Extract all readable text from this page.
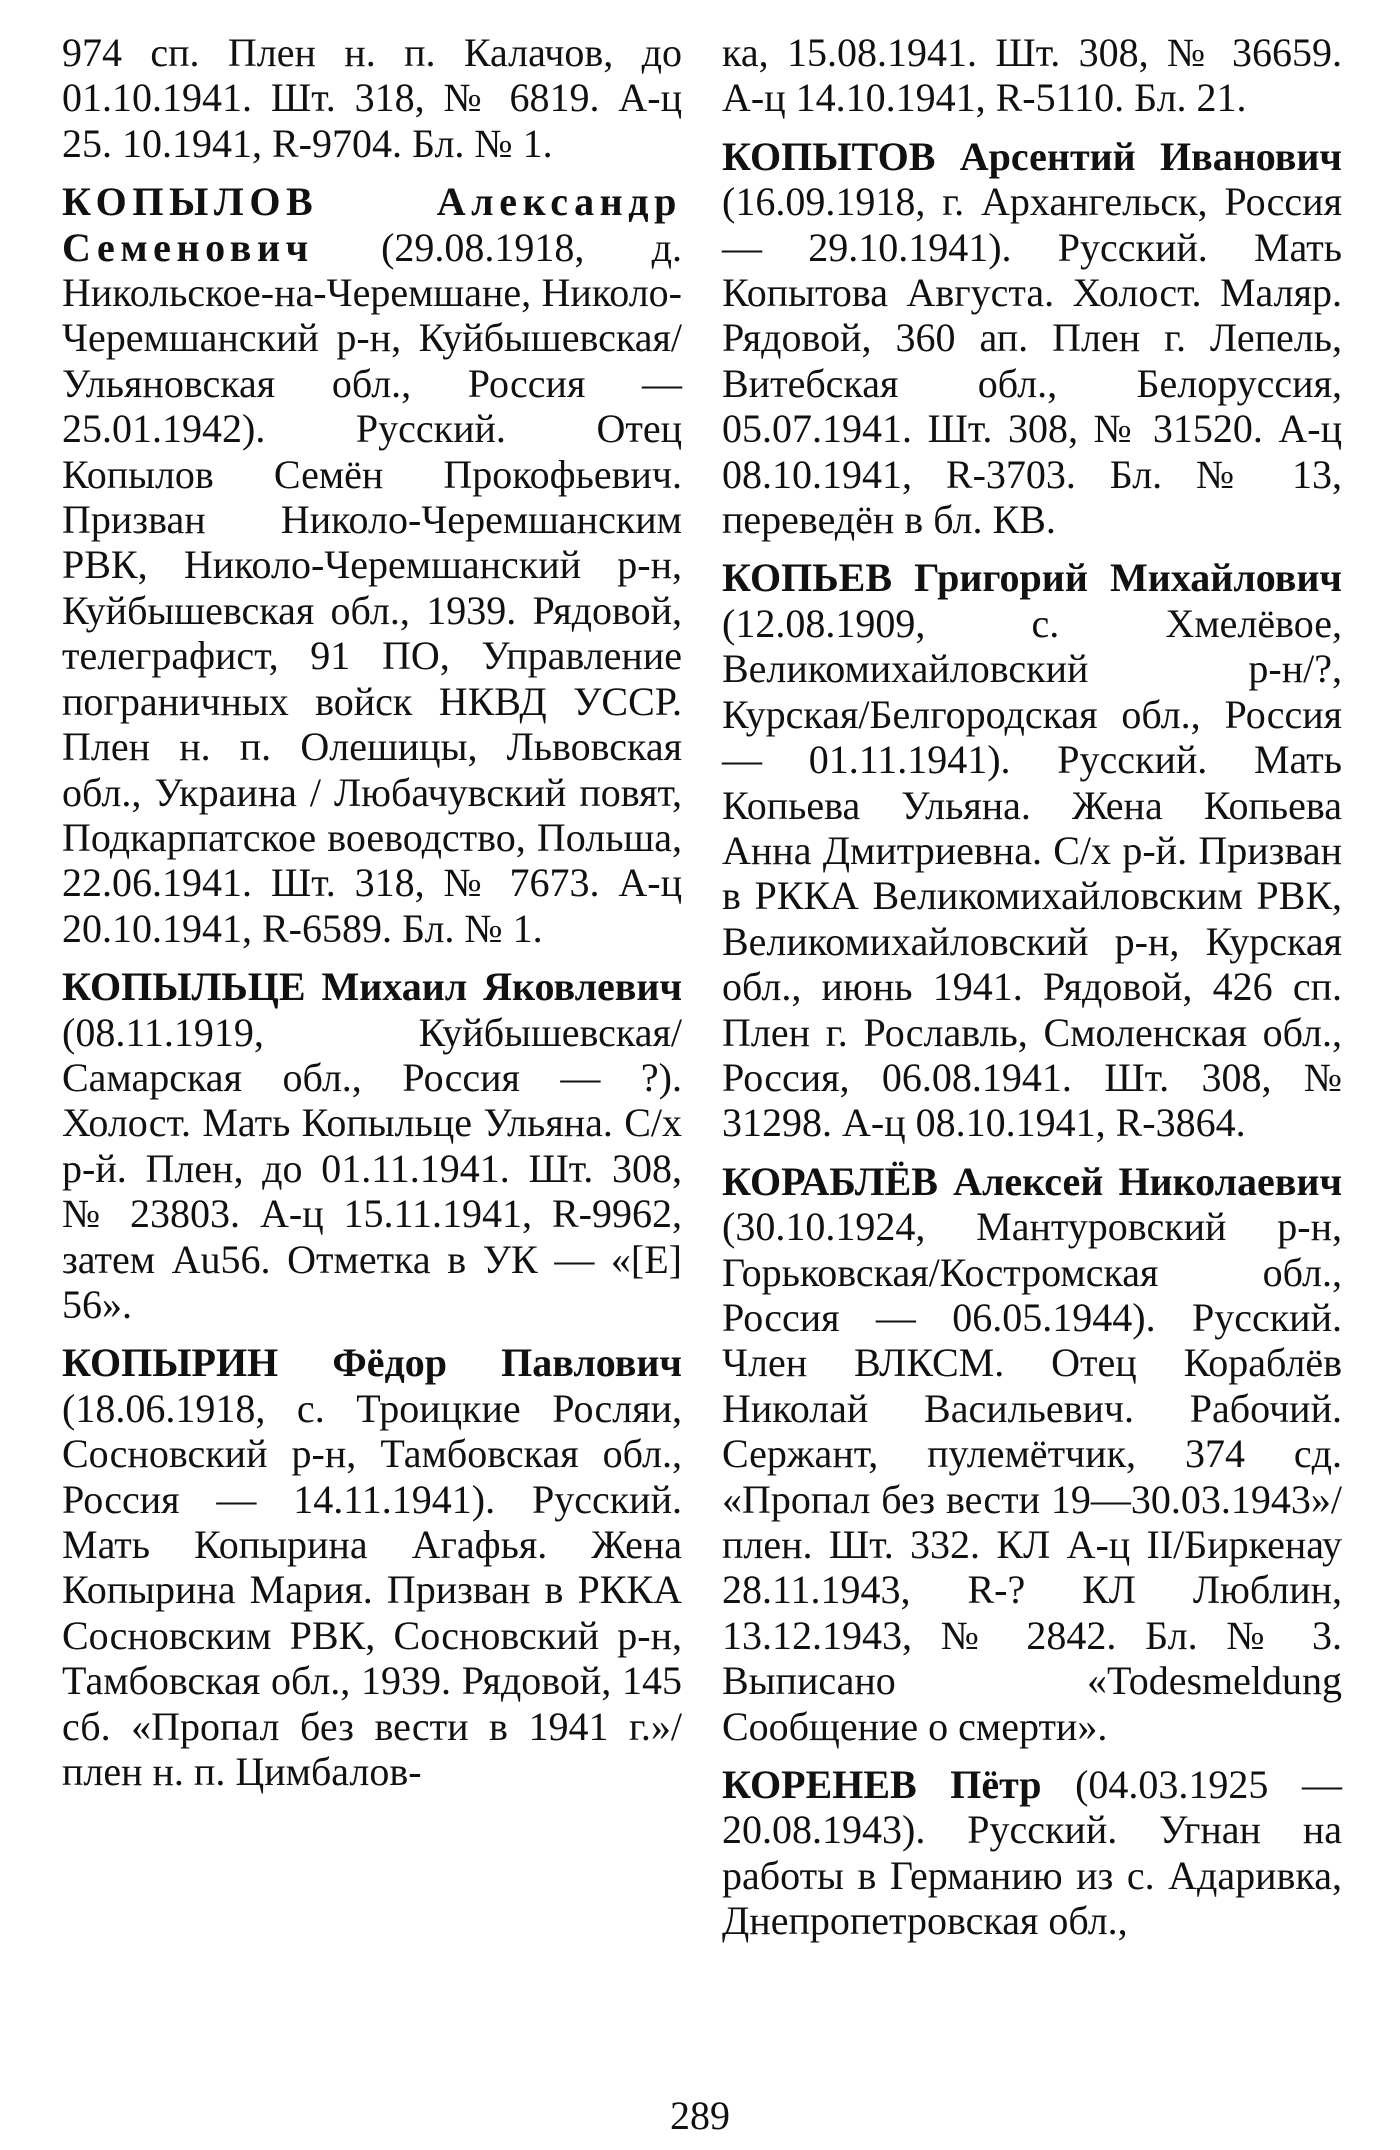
974 сп. Плен н. п. Калачов, до 01.10.1941. Шт. 318, № 6819. А-ц 25. 10.1941, R-9704. Бл. № 1.

КОПЫЛОВ Александр Семенович (29.08.1918, д. Никольское-на-Черемшане, Николо-Черемшанский р-н, Куйбышевская/Ульяновская обл., Россия — 25.01.1942). Русский. Отец Копылов Семён Прокофьевич. Призван Николо-Черемшанским РВК, Николо-Черемшанский р-н, Куйбышевская обл., 1939. Рядовой, телеграфист, 91 ПО, Управление пограничных войск НКВД УССР. Плен н. п. Олешицы, Львовская обл., Украина / Любачувский повят, Подкарпатское воеводство, Польша, 22.06.1941. Шт. 318, № 7673. А-ц 20.10.1941, R-6589. Бл. № 1.

КОПЫЛЬЦЕ Михаил Яковлевич (08.11.1919, Куйбышевская/ Самарская обл., Россия — ?). Холост. Мать Копыльце Ульяна. С/х р-й. Плен, до 01.11.1941. Шт. 308, № 23803. А-ц 15.11.1941, R-9962, затем Au56. Отметка в УК — «[E] 56».

КОПЫРИН Фёдор Павлович (18.06.1918, с. Троицкие Росляи, Сосновский р-н, Тамбовская обл., Россия — 14.11.1941). Русский. Мать Копырина Агафья. Жена Копырина Мария. Призван в РККА Сосновским РВК, Сосновский р-н, Тамбовская обл., 1939. Рядовой, 145 сб. «Пропал без вести в 1941 г.»/плен н. п. Цимбалов-

ка, 15.08.1941. Шт. 308, № 36659. А-ц 14.10.1941, R-5110. Бл. 21.

КОПЫТОВ Арсентий Иванович (16.09.1918, г. Архангельск, Россия — 29.10.1941). Русский. Мать Копытова Августа. Холост. Маляр. Рядовой, 360 ап. Плен г. Лепель, Витебская обл., Белоруссия, 05.07.1941. Шт. 308, № 31520. А-ц 08.10.1941, R-3703. Бл. № 13, переведён в бл. КВ.

КОПЬЕВ Григорий Михайлович (12.08.1909, с. Хмелёвое, Великомихайловский р-н/?, Курская/Белгородская обл., Россия — 01.11.1941). Русский. Мать Копьева Ульяна. Жена Копьева Анна Дмитриевна. С/х р-й. Призван в РККА Великомихайловским РВК, Великомихайловский р-н, Курская обл., июнь 1941. Рядовой, 426 сп. Плен г. Рославль, Смоленская обл., Россия, 06.08.1941. Шт. 308, № 31298. А-ц 08.10.1941, R-3864.

КОРАБЛЁВ Алексей Николаевич (30.10.1924, Мантуровский р-н, Горьковская/Костромская обл., Россия — 06.05.1944). Русский. Член ВЛКСМ. Отец Кораблёв Николай Васильевич. Рабочий. Сержант, пулемётчик, 374 сд. «Пропал без вести 19—30.03.1943»/плен. Шт. 332. КЛ А-ц II/Биркенау 28.11.1943, R-? КЛ Люблин, 13.12.1943, № 2842. Бл. № 3. Выписано «Todesmeldung Сообщение о смерти».

КОРЕНЕВ Пётр (04.03.1925 — 20.08.1943). Русский. Угнан на работы в Германию из с. Адаривка, Днепропетровская обл.,

289
